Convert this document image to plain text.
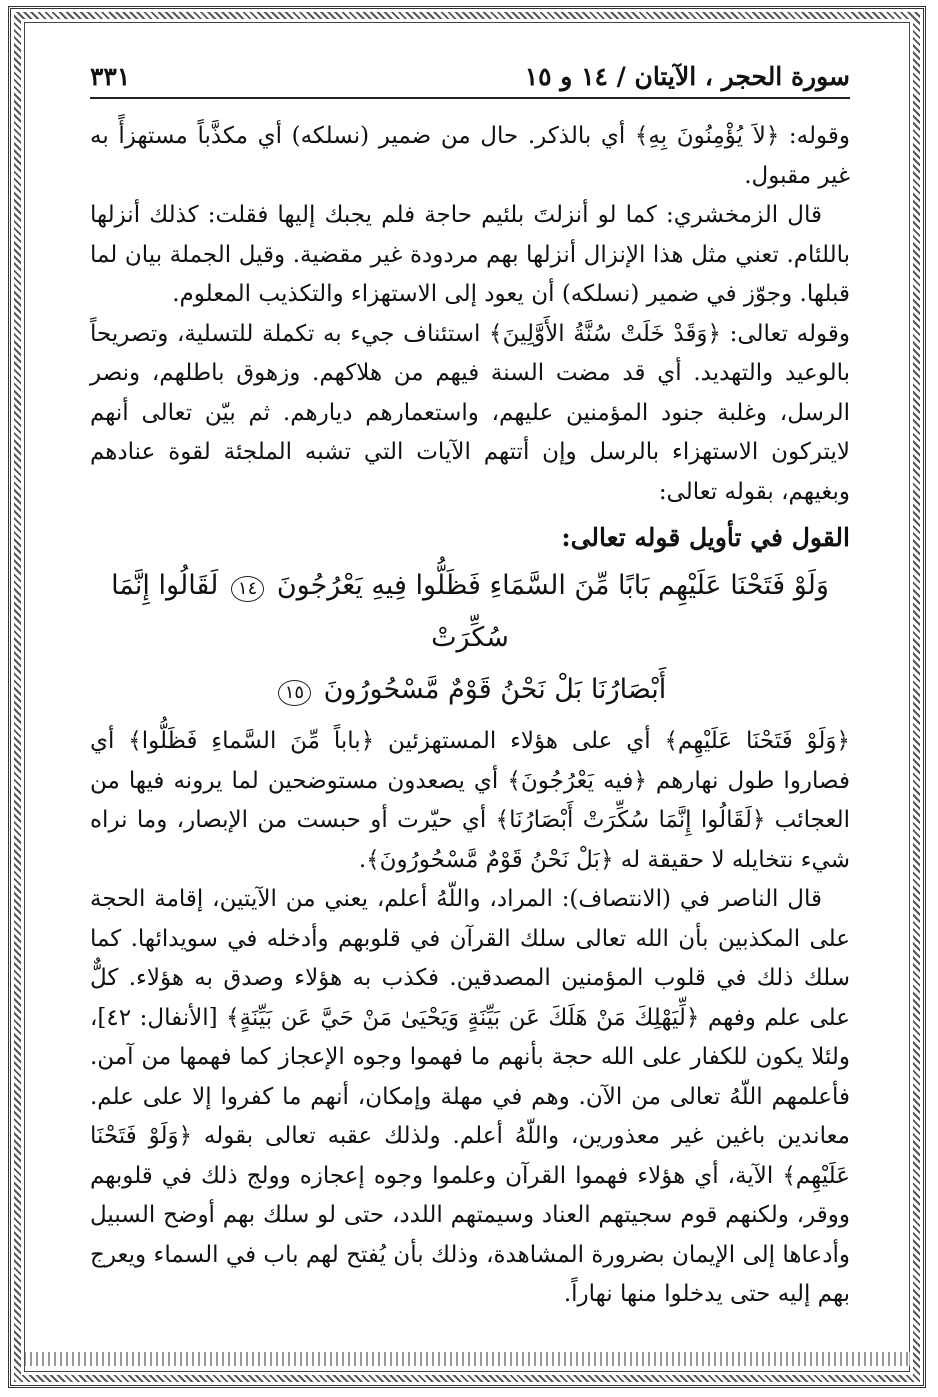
سورة الحجر ، الآيتان / ١٤ و ١٥
٣٣١

وقوله: ﴿لاَ يُؤْمِنُونَ بِهِ﴾ أي بالذكر. حال من ضمير (نسلكه) أي مكذَّباً مستهزأً به غير مقبول.

قال الزمخشري: كما لو أنزلتَ بلئيم حاجة فلم يجبك إليها فقلت: كذلك أنزلها باللئام. تعني مثل هذا الإنزال أنزلها بهم مردودة غير مقضية. وقيل الجملة بيان لما قبلها. وجوّز في ضمير (نسلكه) أن يعود إلى الاستهزاء والتكذيب المعلوم.

وقوله تعالى: ﴿وَقَدْ خَلَتْ سُنَّةُ الأَوَّلِينَ﴾ استئناف جيء به تكملة للتسلية، وتصريحاً بالوعيد والتهديد. أي قد مضت السنة فيهم من هلاكهم. وزهوق باطلهم، ونصر الرسل، وغلبة جنود المؤمنين عليهم، واستعمارهم ديارهم. ثم بيّن تعالى أنهم لايتركون الاستهزاء بالرسل وإن أتتهم الآيات التي تشبه الملجئة لقوة عنادهم وبغيهم، بقوله تعالى:

القول في تأويل قوله تعالى:
وَلَوْ فَتَحْنَا عَلَيْهِم بَابًا مِّنَ السَّمَاءِ فَظَلُّوا فِيهِ يَعْرُجُونَ ١٤ لَقَالُوا إِنَّمَا سُكِّرَتْ
أَبْصَارُنَا بَلْ نَحْنُ قَوْمٌ مَّسْحُورُونَ ١٥

﴿وَلَوْ فَتَحْنَا عَلَيْهِم﴾ أي على هؤلاء المستهزئين ﴿باباً مِّنَ السَّماءِ فَظَلُّوا﴾ أي فصاروا طول نهارهم ﴿فيه يَعْرُجُونَ﴾ أي يصعدون مستوضحين لما يرونه فيها من العجائب ﴿لَقَالُوا إِنَّمَا سُكِّرَتْ أَبْصَارُنَا﴾ أي حيّرت أو حبست من الإبصار، وما نراه شيء نتخايله لا حقيقة له ﴿بَلْ نَحْنُ قَوْمٌ مَّسْحُورُونَ﴾.

قال الناصر في (الانتصاف): المراد، واللّهُ أعلم، يعني من الآيتين، إقامة الحجة على المكذبين بأن الله تعالى سلك القرآن في قلوبهم وأدخله في سويدائها. كما سلك ذلك في قلوب المؤمنين المصدقين. فكذب به هؤلاء وصدق به هؤلاء. كلٌّ على علم وفهم ﴿لِّيَهْلِكَ مَنْ هَلَكَ عَن بَيِّنَةٍ وَيَحْيَىٰ مَنْ حَيَّ عَن بَيِّنَةٍ﴾ [الأنفال: ٤٢]، ولئلا يكون للكفار على الله حجة بأنهم ما فهموا وجوه الإعجاز كما فهمها من آمن. فأعلمهم اللّهُ تعالى من الآن. وهم في مهلة وإمكان، أنهم ما كفروا إلا على علم. معاندين باغين غير معذورين، واللّهُ أعلم. ولذلك عقبه تعالى بقوله ﴿وَلَوْ فَتَحْنَا عَلَيْهِم﴾ الآية، أي هؤلاء فهموا القرآن وعلموا وجوه إعجازه وولج ذلك في قلوبهم ووقر، ولكنهم قوم سجيتهم العناد وسيمتهم اللدد، حتى لو سلك بهم أوضح السبيل وأدعاها إلى الإيمان بضرورة المشاهدة، وذلك بأن يُفتح لهم باب في السماء ويعرج بهم إليه حتى يدخلوا منها نهاراً.
